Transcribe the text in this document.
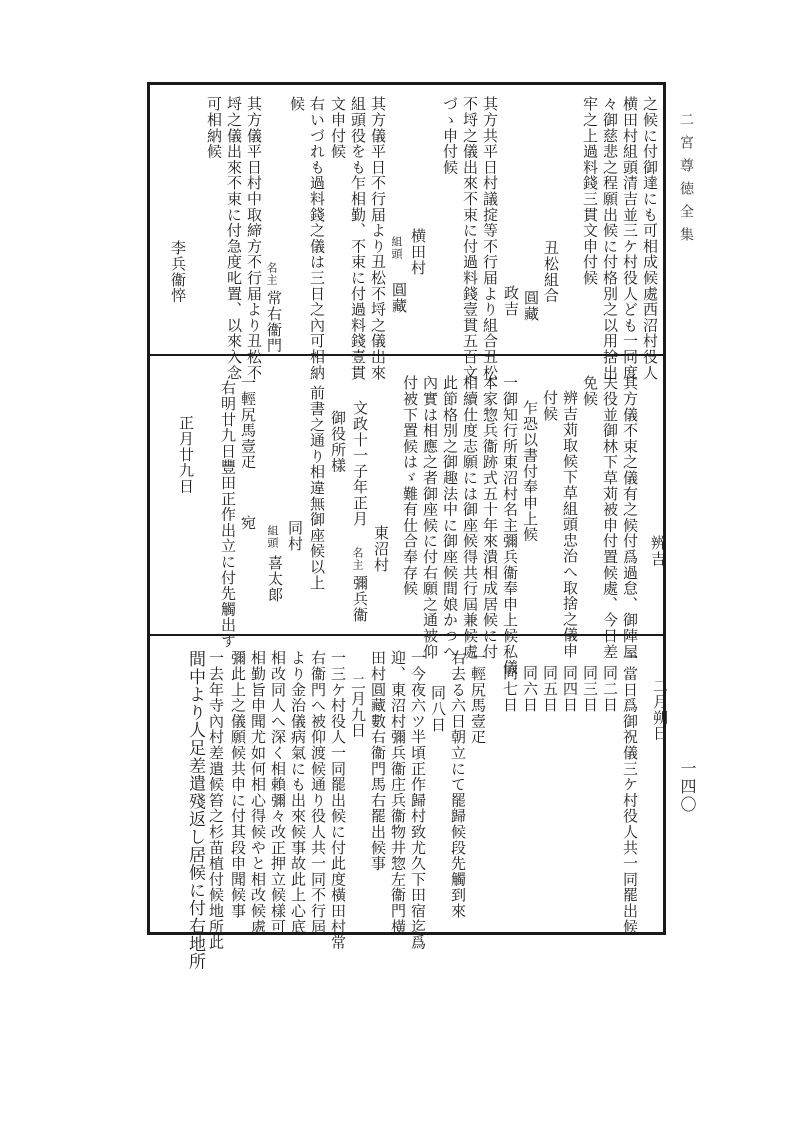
二宮尊徳全集
一四〇
之候に付御達にも可相成候處西沼村役人
横田村組頭清吉並三ケ村役人ども一同度
々御慈悲之程願出候に付格別之以用捨出
牢之上過料錢三貫文申付候
丑松組合
圓藏
政吉
其方共平日村議掟等不行届より組合丑松
不埒之儀出來不束に付過料錢壹貫五百文
づゝ申付候
横田村
組頭
圓藏
其方儀平日不行届より丑松不埒之儀出來
組頭役をも乍相勤、不束に付過料錢壹貫
文申付候
右いづれも過料錢之儀は三日之內可相納
候
名主
常右衞門
其方儀平日村中取締方不行届より丑松不
埒之儀出來不束に付急度叱置、以來入念
可相納候
李兵衞悴
辨吉
其方儀不束之儀有之候付爲過怠、御陣屋
夫役並御林下草苅被申付置候處、今日差
免候
辨吉苅取候下草組頭忠治へ取捨之儀申
付候
乍恐以書付奉申上候
一御知行所東沼村名主彌兵衞奉申上候私儀
本家惣兵衞跡式五十年來潰相成居候に付
相續仕度志願には御座候得共行屆兼候處
此節格別之御趣法中に御座候間娘かつへ
內實は相應之者御座候に付右願之通被仰
付被下置候はゞ難有仕合奉存候
東沼村
文政十一子年正月
名主
彌兵衞
御役所樣
前書之通り相違無御座候以上
同村
組頭
喜太郞
一輕尻馬壹疋
宛
右明廿九日豐田正作出立に付先觸出す
正月廿九日
二月朔日
一當日爲御祝儀三ケ村役人共一同罷出候
同二日
同三日
同四日
同五日
同六日
同七日
一輕尻馬壹疋
右去る六日朝立にて罷歸候段先觸到來
同八日
一今夜六ツ半頃正作歸村致尤久下田宿迄爲
迎、東沼村彌兵衞庄兵衞物井惣左衞門橫
田村圓藏數右衞門馬右罷出候事
二月九日
一三ケ村役人一同罷出候に付此度橫田村常
右衞門へ被仰渡候通り役人共一同不行屆
より金治儀病氣にも出來候事故此上心底
相改同人へ深く相賴彌々改正押立候樣可
相勤旨申聞尤如何相心得候やと相改候處
彌此上之儀願候共申に付其段申聞候事
一去年寺內村差遣候笞之杉苗植付候地所此
間中より人足差遣殘返し居候に付右地所
